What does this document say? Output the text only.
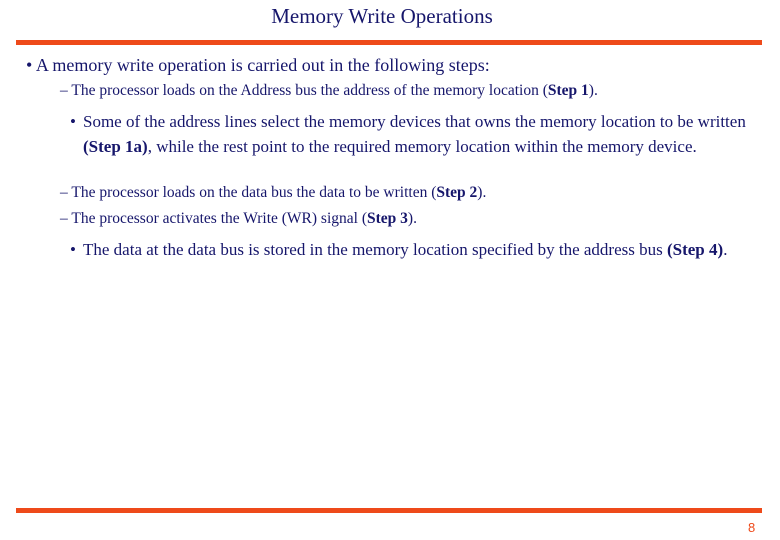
Memory Write Operations
• A memory write operation is carried out in the following steps:
– The processor loads on the Address bus the address of the memory location (Step 1).
• Some of the address lines select the memory devices that owns the memory location to be written (Step 1a), while the rest point to the required memory location within the memory device.
– The processor loads on the data bus the data to be written (Step 2).
– The processor activates the Write (WR) signal (Step 3).
• The data at the data bus is stored in the memory location specified by the address bus (Step 4).
8
